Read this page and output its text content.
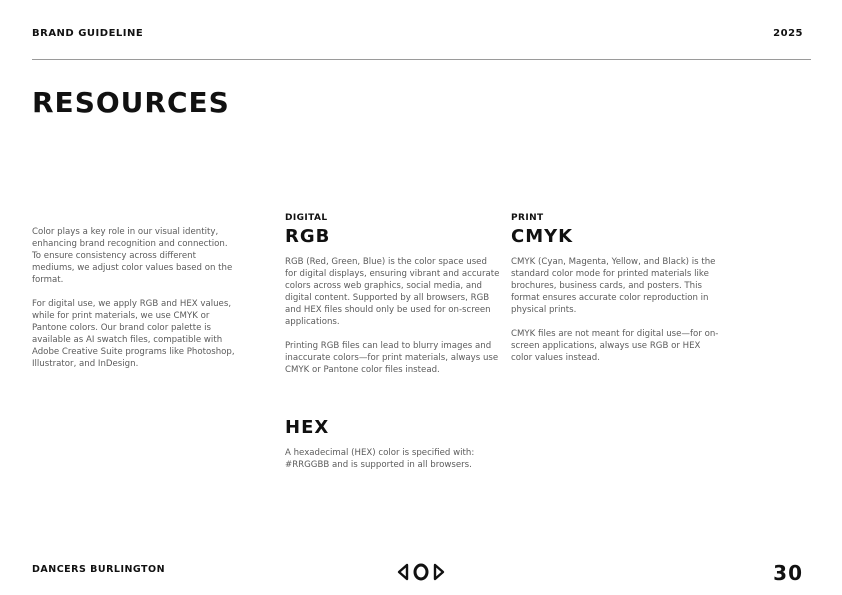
BRAND GUIDELINE	2025
RESOURCES

Color plays a key role in our visual identity, enhancing brand recognition and connection. To ensure consistency across different mediums, we adjust color values based on the format.

For digital use, we apply RGB and HEX values, while for print materials, we use CMYK or Pantone colors. Our brand color palette is available as AI swatch files, compatible with Adobe Creative Suite programs like Photoshop, Illustrator, and InDesign.

DIGITAL
RGB

RGB (Red, Green, Blue) is the color space used for digital displays, ensuring vibrant and accurate colors across web graphics, social media, and digital content. Supported by all browsers, RGB and HEX files should only be used for on-screen applications.

Printing RGB files can lead to blurry images and inaccurate colors—for print materials, always use CMYK or Pantone color files instead.

HEX

A hexadecimal (HEX) color is specified with: #RRGGBB and is supported in all browsers.

PRINT
CMYK

CMYK (Cyan, Magenta, Yellow, and Black) is the standard color mode for printed materials like brochures, business cards, and posters. This format ensures accurate color reproduction in physical prints.

CMYK files are not meant for digital use—for on-screen applications, always use RGB or HEX color values instead.

DANCERS BURLINGTON	30
